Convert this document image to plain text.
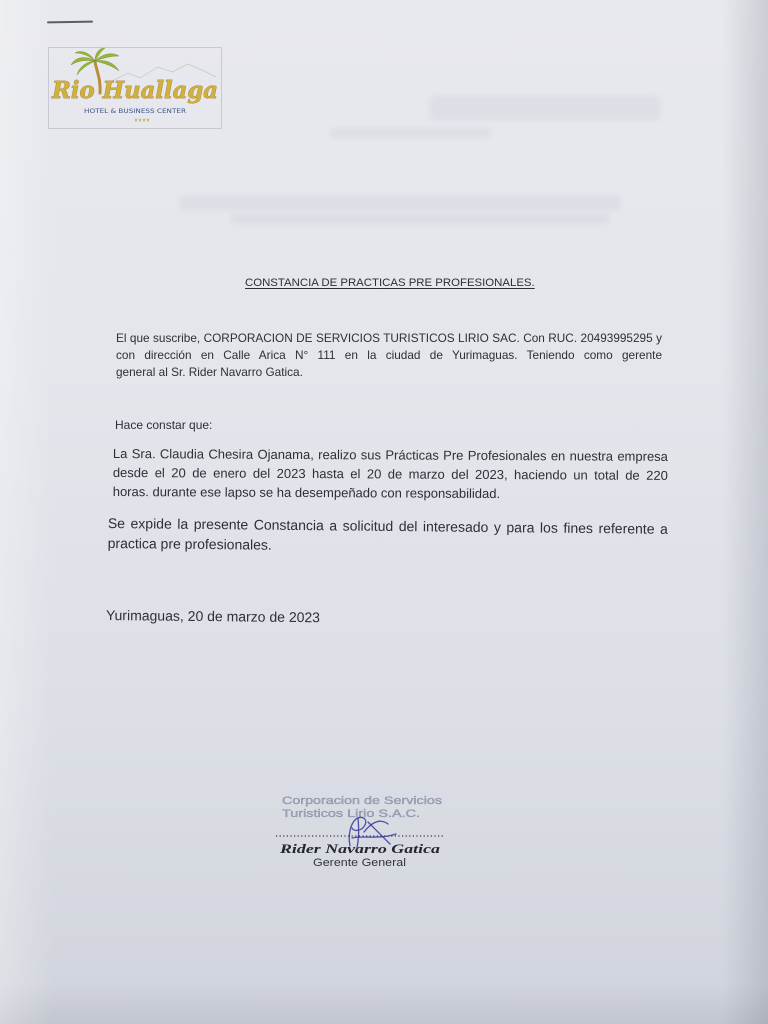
Rio Huallaga
HOTEL & BUSINESS CENTER
★★★★
CONSTANCIA DE PRACTICAS PRE PROFESIONALES.
El que suscribe, CORPORACION DE SERVICIOS TURISTICOS LIRIO SAC. Con RUC. 20493995295 y
con dirección en Calle Arica N° 111 en la ciudad de Yurimaguas. Teniendo como gerente
general al Sr. Rider Navarro Gatica.
Hace constar que:
La Sra. Claudia Chesira Ojanama, realizo sus Prácticas Pre Profesionales en nuestra empresa
desde el 20 de enero del 2023 hasta el 20 de marzo del 2023, haciendo un total de 220
horas. durante ese lapso se ha desempeñado con responsabilidad.
Se expide la presente Constancia a solicitud del interesado y para los fines referente a
practica pre profesionales.
Yurimaguas, 20 de marzo de 2023
Corporacion de Servicios
Turisticos Lirio S.A.C.
Rider Navarro Gatica
Gerente General
